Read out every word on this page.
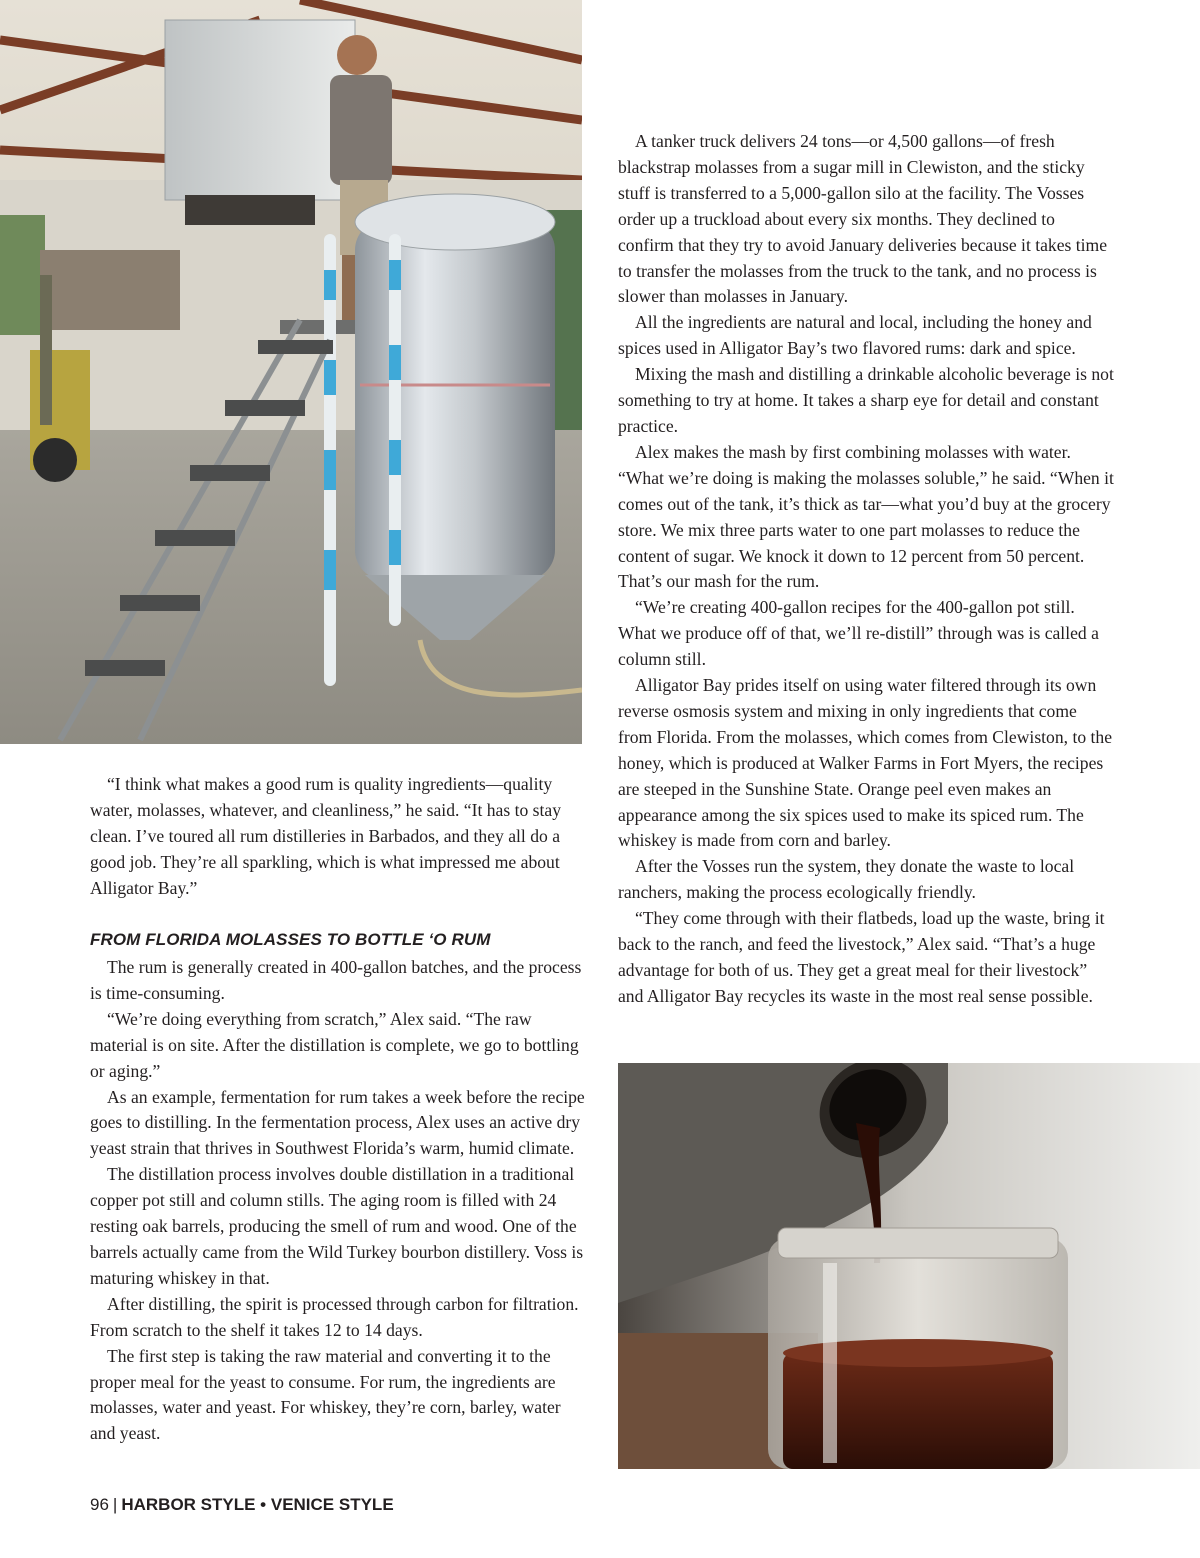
“I think what makes a good rum is quality ingredients—quality water, molasses, whatever, and cleanliness,” he said. “It has to stay clean. I’ve toured all rum distilleries in Barbados, and they all do a good job. They’re all sparkling, which is what impressed me about Alligator Bay.”

FROM FLORIDA MOLASSES TO BOTTLE ‘O RUM

The rum is generally created in 400-gallon batches, and the process is time-consuming.

“We’re doing everything from scratch,” Alex said. “The raw material is on site. After the distillation is complete, we go to bottling or aging.”

As an example, fermentation for rum takes a week before the recipe goes to distilling. In the fermentation process, Alex uses an active dry yeast strain that thrives in Southwest Florida’s warm, humid climate.

The distillation process involves double distillation in a traditional copper pot still and column stills. The aging room is filled with 24 resting oak barrels, producing the smell of rum and wood. One of the barrels actually came from the Wild Turkey bourbon distillery. Voss is maturing whiskey in that.

After distilling, the spirit is processed through carbon for filtration. From scratch to the shelf it takes 12 to 14 days.

The first step is taking the raw material and converting it to the proper meal for the yeast to consume. For rum, the ingredients are molasses, water and yeast. For whiskey, they’re corn, barley, water and yeast.

A tanker truck delivers 24 tons—or 4,500 gallons—of fresh blackstrap molasses from a sugar mill in Clewiston, and the sticky stuff is transferred to a 5,000-gallon silo at the facility. The Vosses order up a truckload about every six months. They declined to confirm that they try to avoid January deliveries because it takes time to transfer the molasses from the truck to the tank, and no process is slower than molasses in January.

All the ingredients are natural and local, including the honey and spices used in Alligator Bay’s two flavored rums: dark and spice.

Mixing the mash and distilling a drinkable alcoholic beverage is not something to try at home. It takes a sharp eye for detail and constant practice.

Alex makes the mash by first combining molasses with water. “What we’re doing is making the molasses soluble,” he said. “When it comes out of the tank, it’s thick as tar—what you’d buy at the grocery store. We mix three parts water to one part molasses to reduce the content of sugar. We knock it down to 12 percent from 50 percent. That’s our mash for the rum.

“We’re creating 400-gallon recipes for the 400-gallon pot still. What we produce off of that, we’ll re-distill” through was is called a column still.

Alligator Bay prides itself on using water filtered through its own reverse osmosis system and mixing in only ingredients that come from Florida. From the molasses, which comes from Clewiston, to the honey, which is produced at Walker Farms in Fort Myers, the recipes are steeped in the Sunshine State. Orange peel even makes an appearance among the six spices used to make its spiced rum. The whiskey is made from corn and barley.

After the Vosses run the system, they donate the waste to local ranchers, making the process ecologically friendly.

“They come through with their flatbeds, load up the waste, bring it back to the ranch, and feed the livestock,” Alex said. “That’s a huge advantage for both of us. They get a great meal for their livestock” and Alligator Bay recycles its waste in the most real sense possible.

96 | HARBOR STYLE • VENICE STYLE
